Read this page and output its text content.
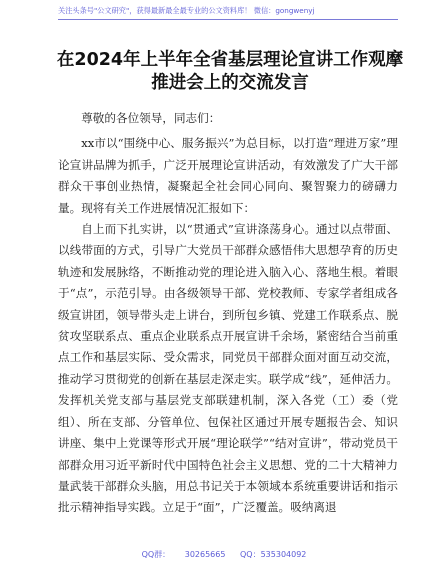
关注头条号"公文研究"，获得最新最全最专业的公文资料库！ 微信：gongwenyj
在2024年上半年全省基层理论宣讲工作观摩推进会上的交流发言

尊敬的各位领导，同志们：

xx市以“围绕中心、服务振兴”为总目标，以打造“理进万家”理论宣讲品牌为抓手，广泛开展理论宣讲活动，有效激发了广大干部群众干事创业热情，凝聚起全社会同心同向、聚智聚力的磅礴力量。现将有关工作进展情况汇报如下：

自上而下扎实讲，以“贯通式”宣讲涤荡身心。通过以点带面、以线带面的方式，引导广大党员干部群众感悟伟大思想孕育的历史轨迹和发展脉络，不断推动党的理论进入脑入心、落地生根。着眼于“点”，示范引导。由各级领导干部、党校教师、专家学者组成各级宣讲团，领导带头走上讲台，到所包乡镇、党建工作联系点、脱贫攻坚联系点、重点企业联系点开展宣讲千余场，紧密结合当前重点工作和基层实际、受众需求，同党员干部群众面对面互动交流，推动学习贯彻党的创新在基层走深走实。联学成“线”，延伸活力。发挥机关党支部与基层党支部联建机制，深入各党（工）委（党组）、所在支部、分管单位、包保社区通过开展专题报告会、知识讲座、集中上党课等形式开展“理论联学”“结对宣讲”，带动党员干部群众用习近平新时代中国特色社会主义思想、党的二十大精神力量武装干部群众头脑，用总书记关于本领域本系统重要讲话和指示批示精神指导实践。立足于“面”，广泛覆盖。吸纳离退

QQ群： 30265665 QQ：535304092
